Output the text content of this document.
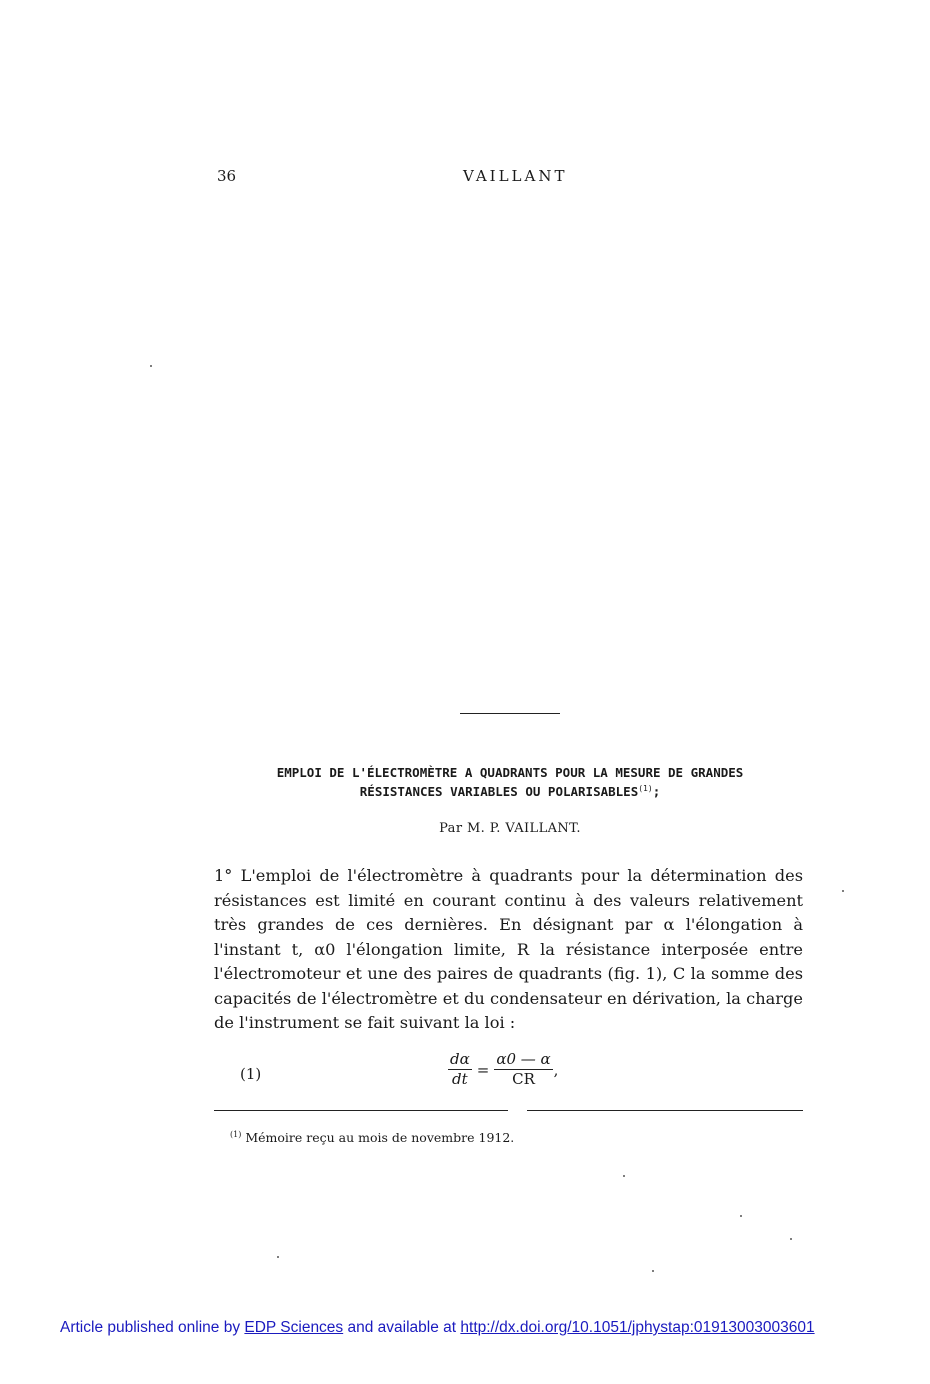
36	VAILLANT
EMPLOI DE L'ÉLECTROMÈTRE A QUADRANTS POUR LA MESURE DE GRANDES
RÉSISTANCES VARIABLES OU POLARISABLES$^{(1)}$;
Par M. P. VAILLANT.

1° L'emploi de l'électromètre à quadrants pour la détermination des résistances est limité en courant continu à des valeurs relativement très grandes de ces dernières. En désignant par α l'élongation à l'instant t, α0 l'élongation limite, R la résistance interposée entre l'électromoteur et une des paires de quadrants (fig. 1), C la somme des capacités de l'électromètre et du condensateur en dérivation, la charge de l'instrument se fait suivant la loi :

(1)	$\frac{d\alpha}{dt} = \frac{\alpha 0 — \alpha}{CR}$ ,
$^{(1)}$ Mémoire reçu au mois de novembre 1912.
Article published online by EDP Sciences and available at http://dx.doi.org/10.1051/jphystap:01913003003601
